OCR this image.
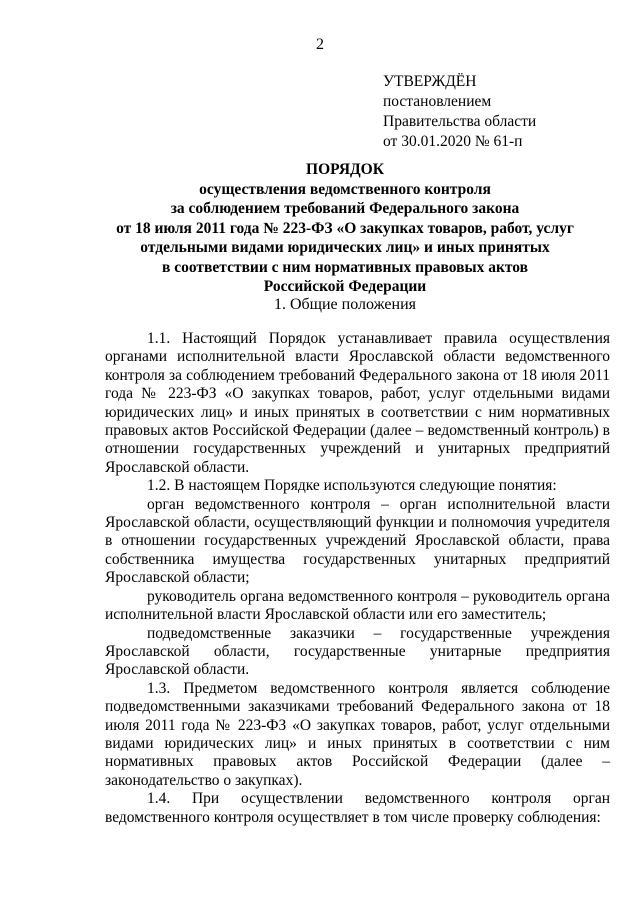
2
УТВЕРЖДЁН
постановлением
Правительства области
от 30.01.2020 № 61-п
ПОРЯДОК
осуществления ведомственного контроля
за соблюдением требований Федерального закона
от 18 июля 2011 года № 223-ФЗ «О закупках товаров, работ, услуг
отдельными видами юридических лиц» и иных принятых
в соответствии с ним нормативных правовых актов
Российской Федерации
1. Общие положения

1.1. Настоящий Порядок устанавливает правила осуществления органами исполнительной власти Ярославской области ведомственного контроля за соблюдением требований Федерального закона от 18 июля 2011 года № 223-ФЗ «О закупках товаров, работ, услуг отдельными видами юридических лиц» и иных принятых в соответствии с ним нормативных правовых актов Российской Федерации (далее – ведомственный контроль) в отношении государственных учреждений и унитарных предприятий Ярославской области.

1.2. В настоящем Порядке используются следующие понятия:

орган ведомственного контроля – орган исполнительной власти Ярославской области, осуществляющий функции и полномочия учредителя в отношении государственных учреждений Ярославской области, права собственника имущества государственных унитарных предприятий Ярославской области;

руководитель органа ведомственного контроля – руководитель органа исполнительной власти Ярославской области или его заместитель;

подведомственные заказчики – государственные учреждения Ярославской области, государственные унитарные предприятия Ярославской области.

1.3. Предметом ведомственного контроля является соблюдение подведомственными заказчиками требований Федерального закона от 18 июля 2011 года № 223-ФЗ «О закупках товаров, работ, услуг отдельными видами юридических лиц» и иных принятых в соответствии с ним нормативных правовых актов Российской Федерации (далее – законодательство о закупках).

1.4. При осуществлении ведомственного контроля орган ведомственного контроля осуществляет в том числе проверку соблюдения:
